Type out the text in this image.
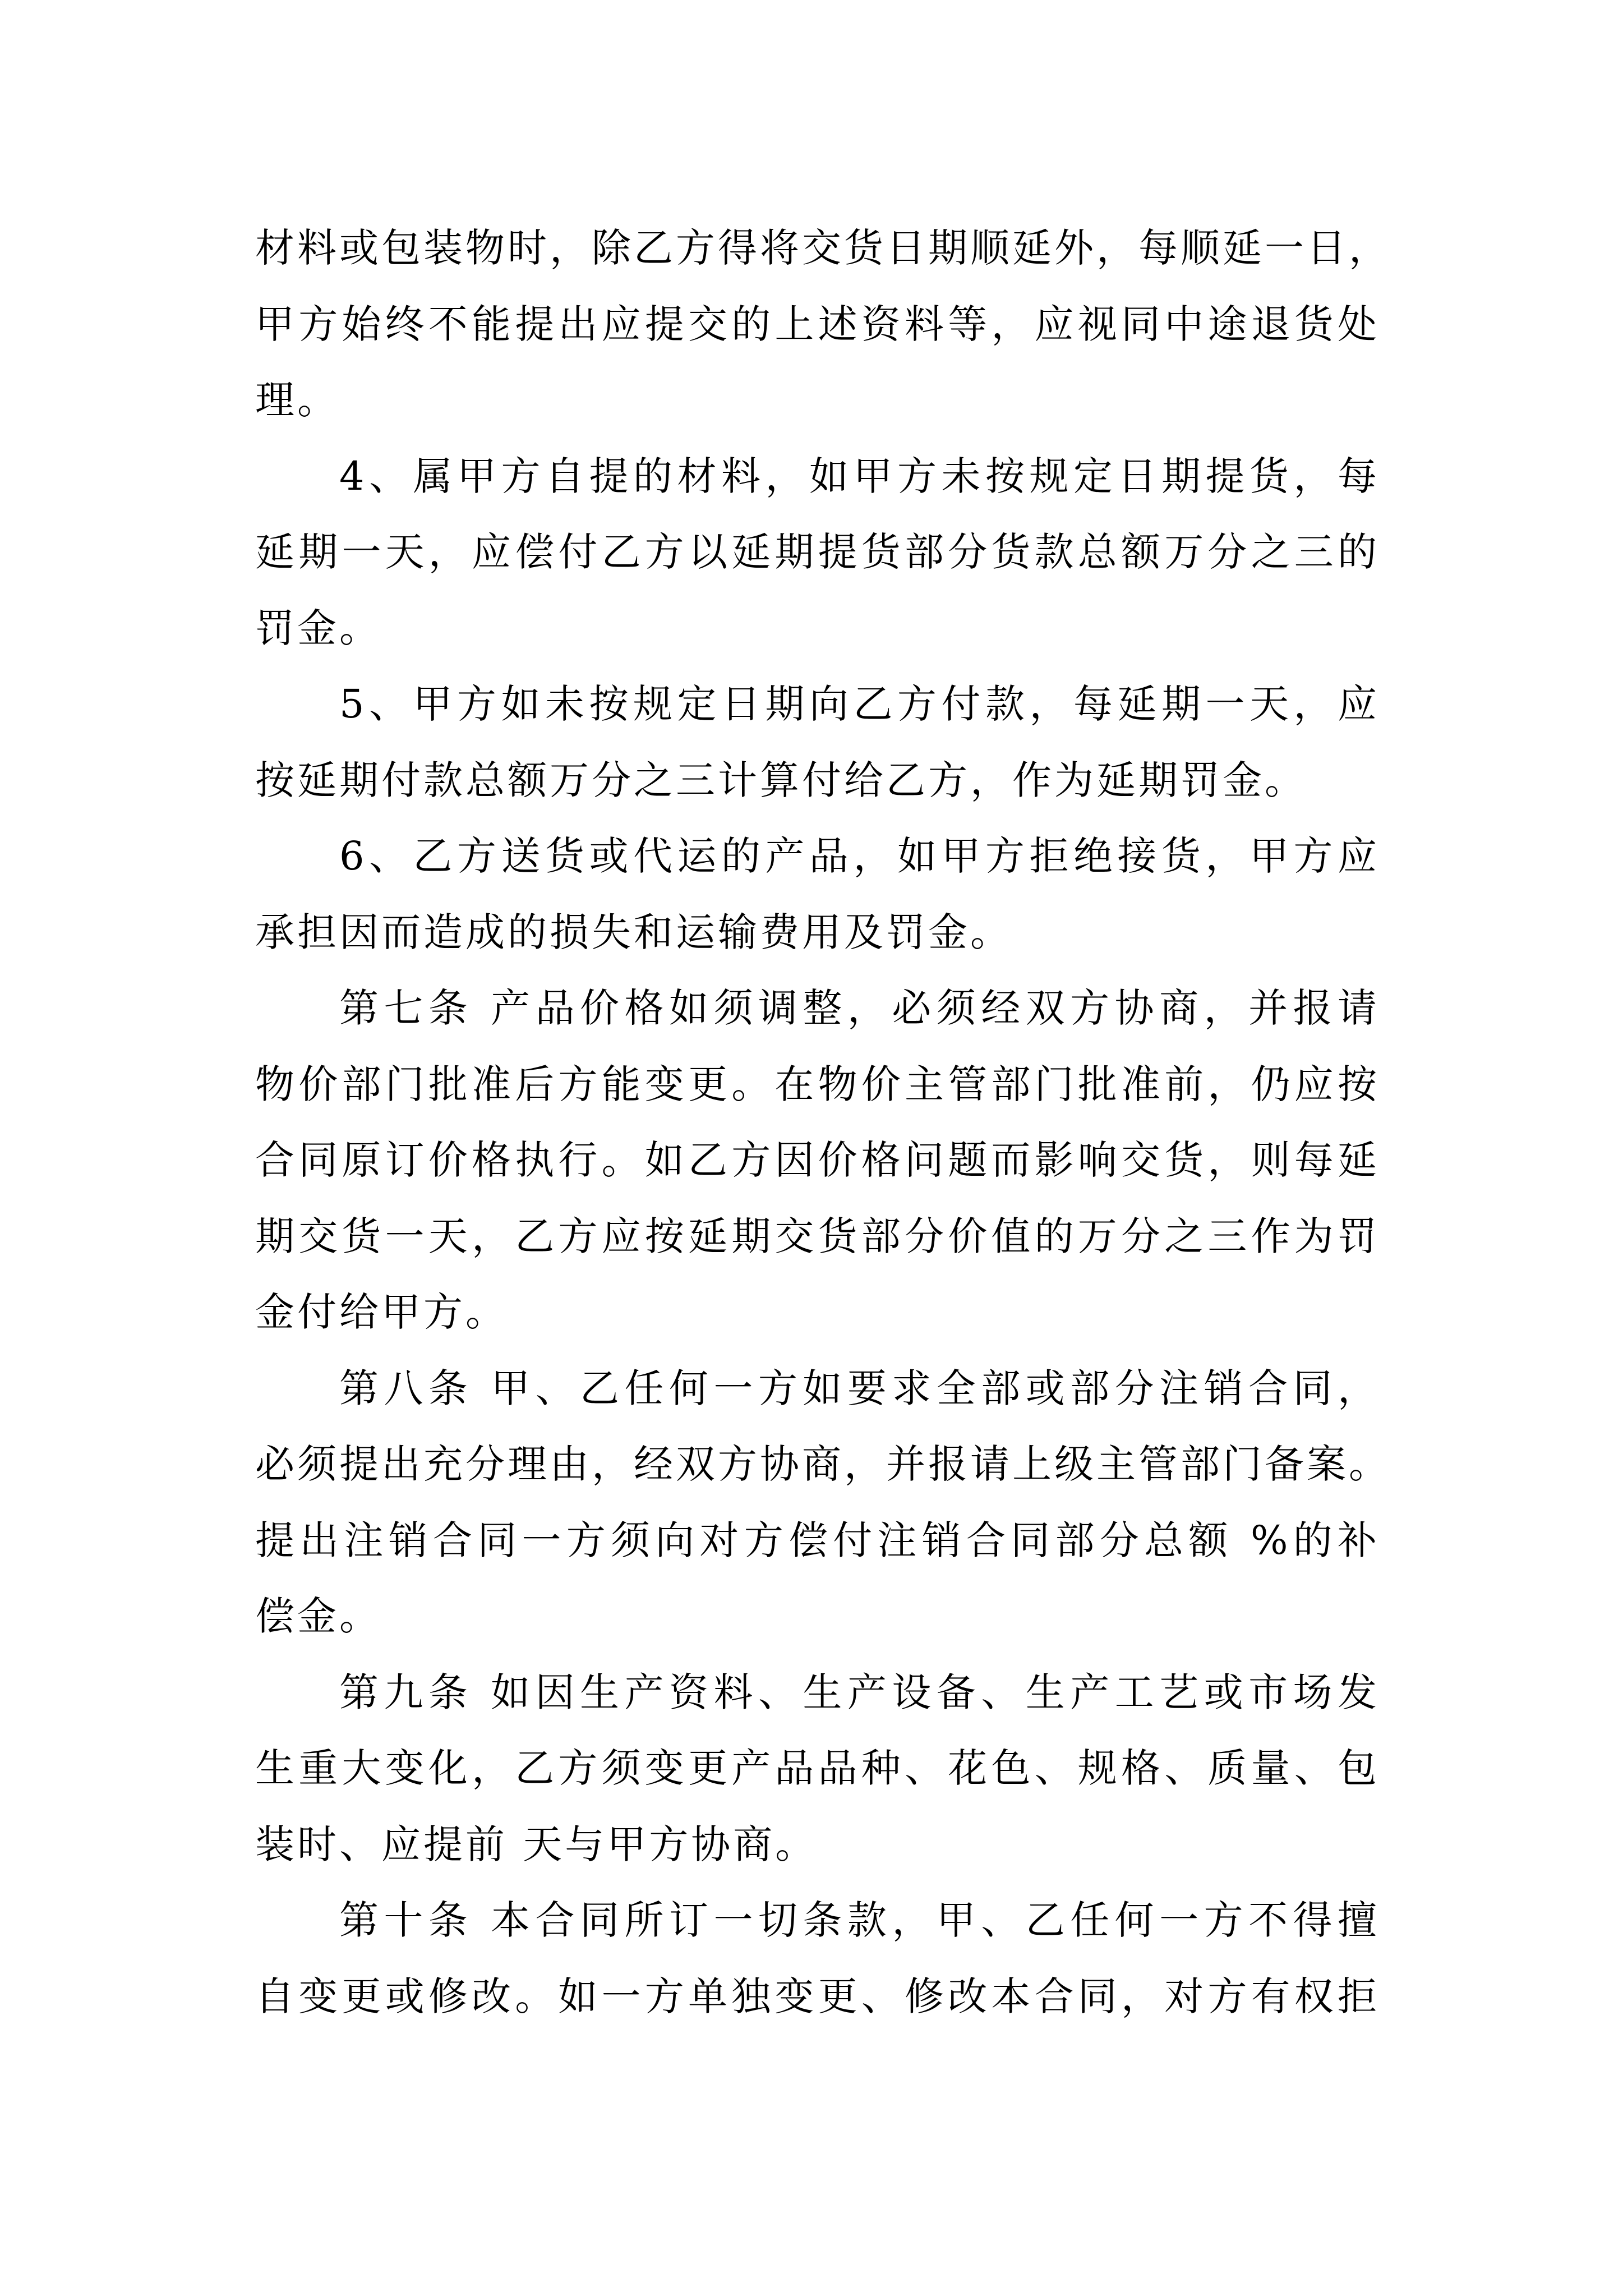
材料或包装物时，除乙方得将交货日期顺延外，每顺延一日，
甲方始终不能提出应提交的上述资料等，应视同中途退货处
理。
4、属甲方自提的材料，如甲方未按规定日期提货，每
延期一天，应偿付乙方以延期提货部分货款总额万分之三的
罚金。
5、甲方如未按规定日期向乙方付款，每延期一天，应
按延期付款总额万分之三计算付给乙方，作为延期罚金。
6、乙方送货或代运的产品，如甲方拒绝接货，甲方应
承担因而造成的损失和运输费用及罚金。
第七条 产品价格如须调整，必须经双方协商，并报请
物价部门批准后方能变更。在物价主管部门批准前，仍应按
合同原订价格执行。如乙方因价格问题而影响交货，则每延
期交货一天，乙方应按延期交货部分价值的万分之三作为罚
金付给甲方。
第八条 甲、乙任何一方如要求全部或部分注销合同，
必须提出充分理由，经双方协商，并报请上级主管部门备案。
提出注销合同一方须向对方偿付注销合同部分总额 %的补
偿金。
第九条 如因生产资料、生产设备、生产工艺或市场发
生重大变化，乙方须变更产品品种、花色、规格、质量、包
装时、应提前 天与甲方协商。
第十条 本合同所订一切条款，甲、乙任何一方不得擅
自变更或修改。如一方单独变更、修改本合同，对方有权拒
